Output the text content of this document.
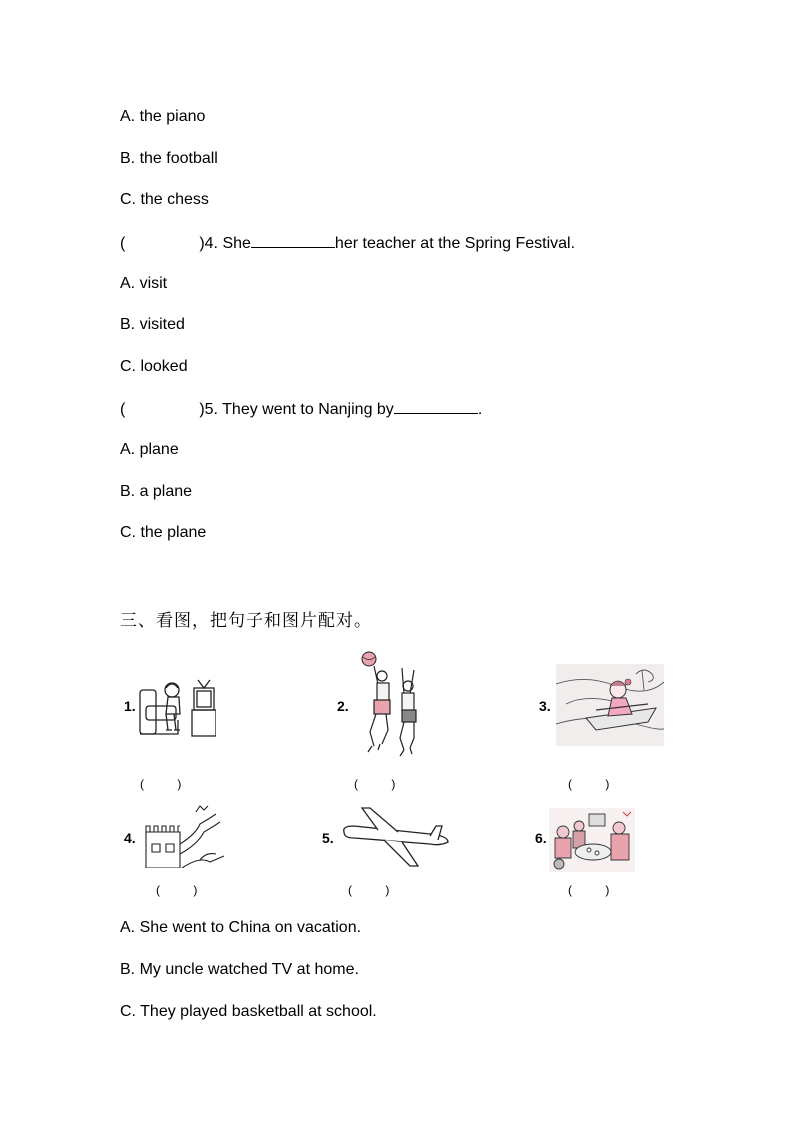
A. the piano
B. the football
C. the chess
(	)4. She	her teacher at the Spring Festival.
A. visit
B. visited
C. looked
(	)5. They went to Nanjing by	.
A. plane
B. a plane
C. the plane
三、看图，把句子和图片配对。
1.
(          )
2.
(          )
3.
(          )
4.
(          )
5.
(          )
6.
(          )
A. She went to China on vacation.
B. My uncle watched TV at home.
C. They played basketball at school.
